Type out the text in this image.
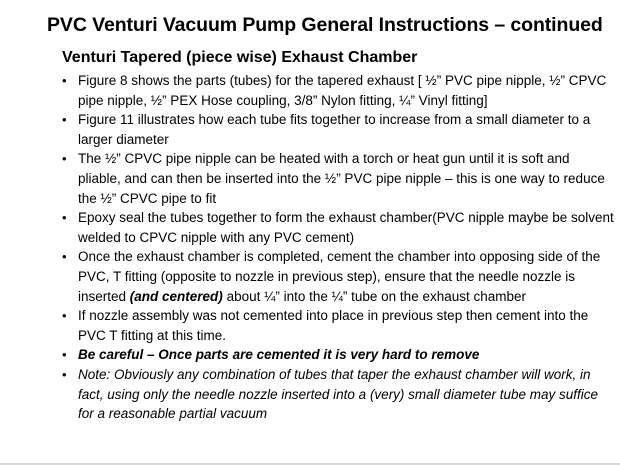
PVC Venturi Vacuum Pump General Instructions – continued
Venturi Tapered (piece wise) Exhaust Chamber
• Figure 8 shows the parts (tubes) for the tapered exhaust [ ½” PVC pipe nipple, ½” CPVC pipe nipple, ½” PEX Hose coupling, 3/8” Nylon fitting, ¼” Vinyl fitting]
• Figure 11 illustrates how each tube fits together to increase from a small diameter to a larger diameter
• The ½” CPVC pipe nipple can be heated with a torch or heat gun until it is soft and pliable, and can then be inserted into the ½” PVC pipe nipple – this is one way to reduce the ½” CPVC pipe to fit
• Epoxy seal the tubes together to form the exhaust chamber(PVC nipple maybe be solvent welded to CPVC nipple with any PVC cement)
• Once the exhaust chamber is completed, cement the chamber into opposing side of the PVC, T fitting (opposite to nozzle in previous step), ensure that the needle nozzle is inserted (and centered) about ¼” into the ¼” tube on the exhaust chamber
• If nozzle assembly was not cemented into place in previous step then cement into the PVC T fitting at this time.
• Be careful – Once parts are cemented it is very hard to remove
• Note: Obviously any combination of tubes that taper the exhaust chamber will work, in fact, using only the needle nozzle inserted into a (very) small diameter tube may suffice for a reasonable partial vacuum
